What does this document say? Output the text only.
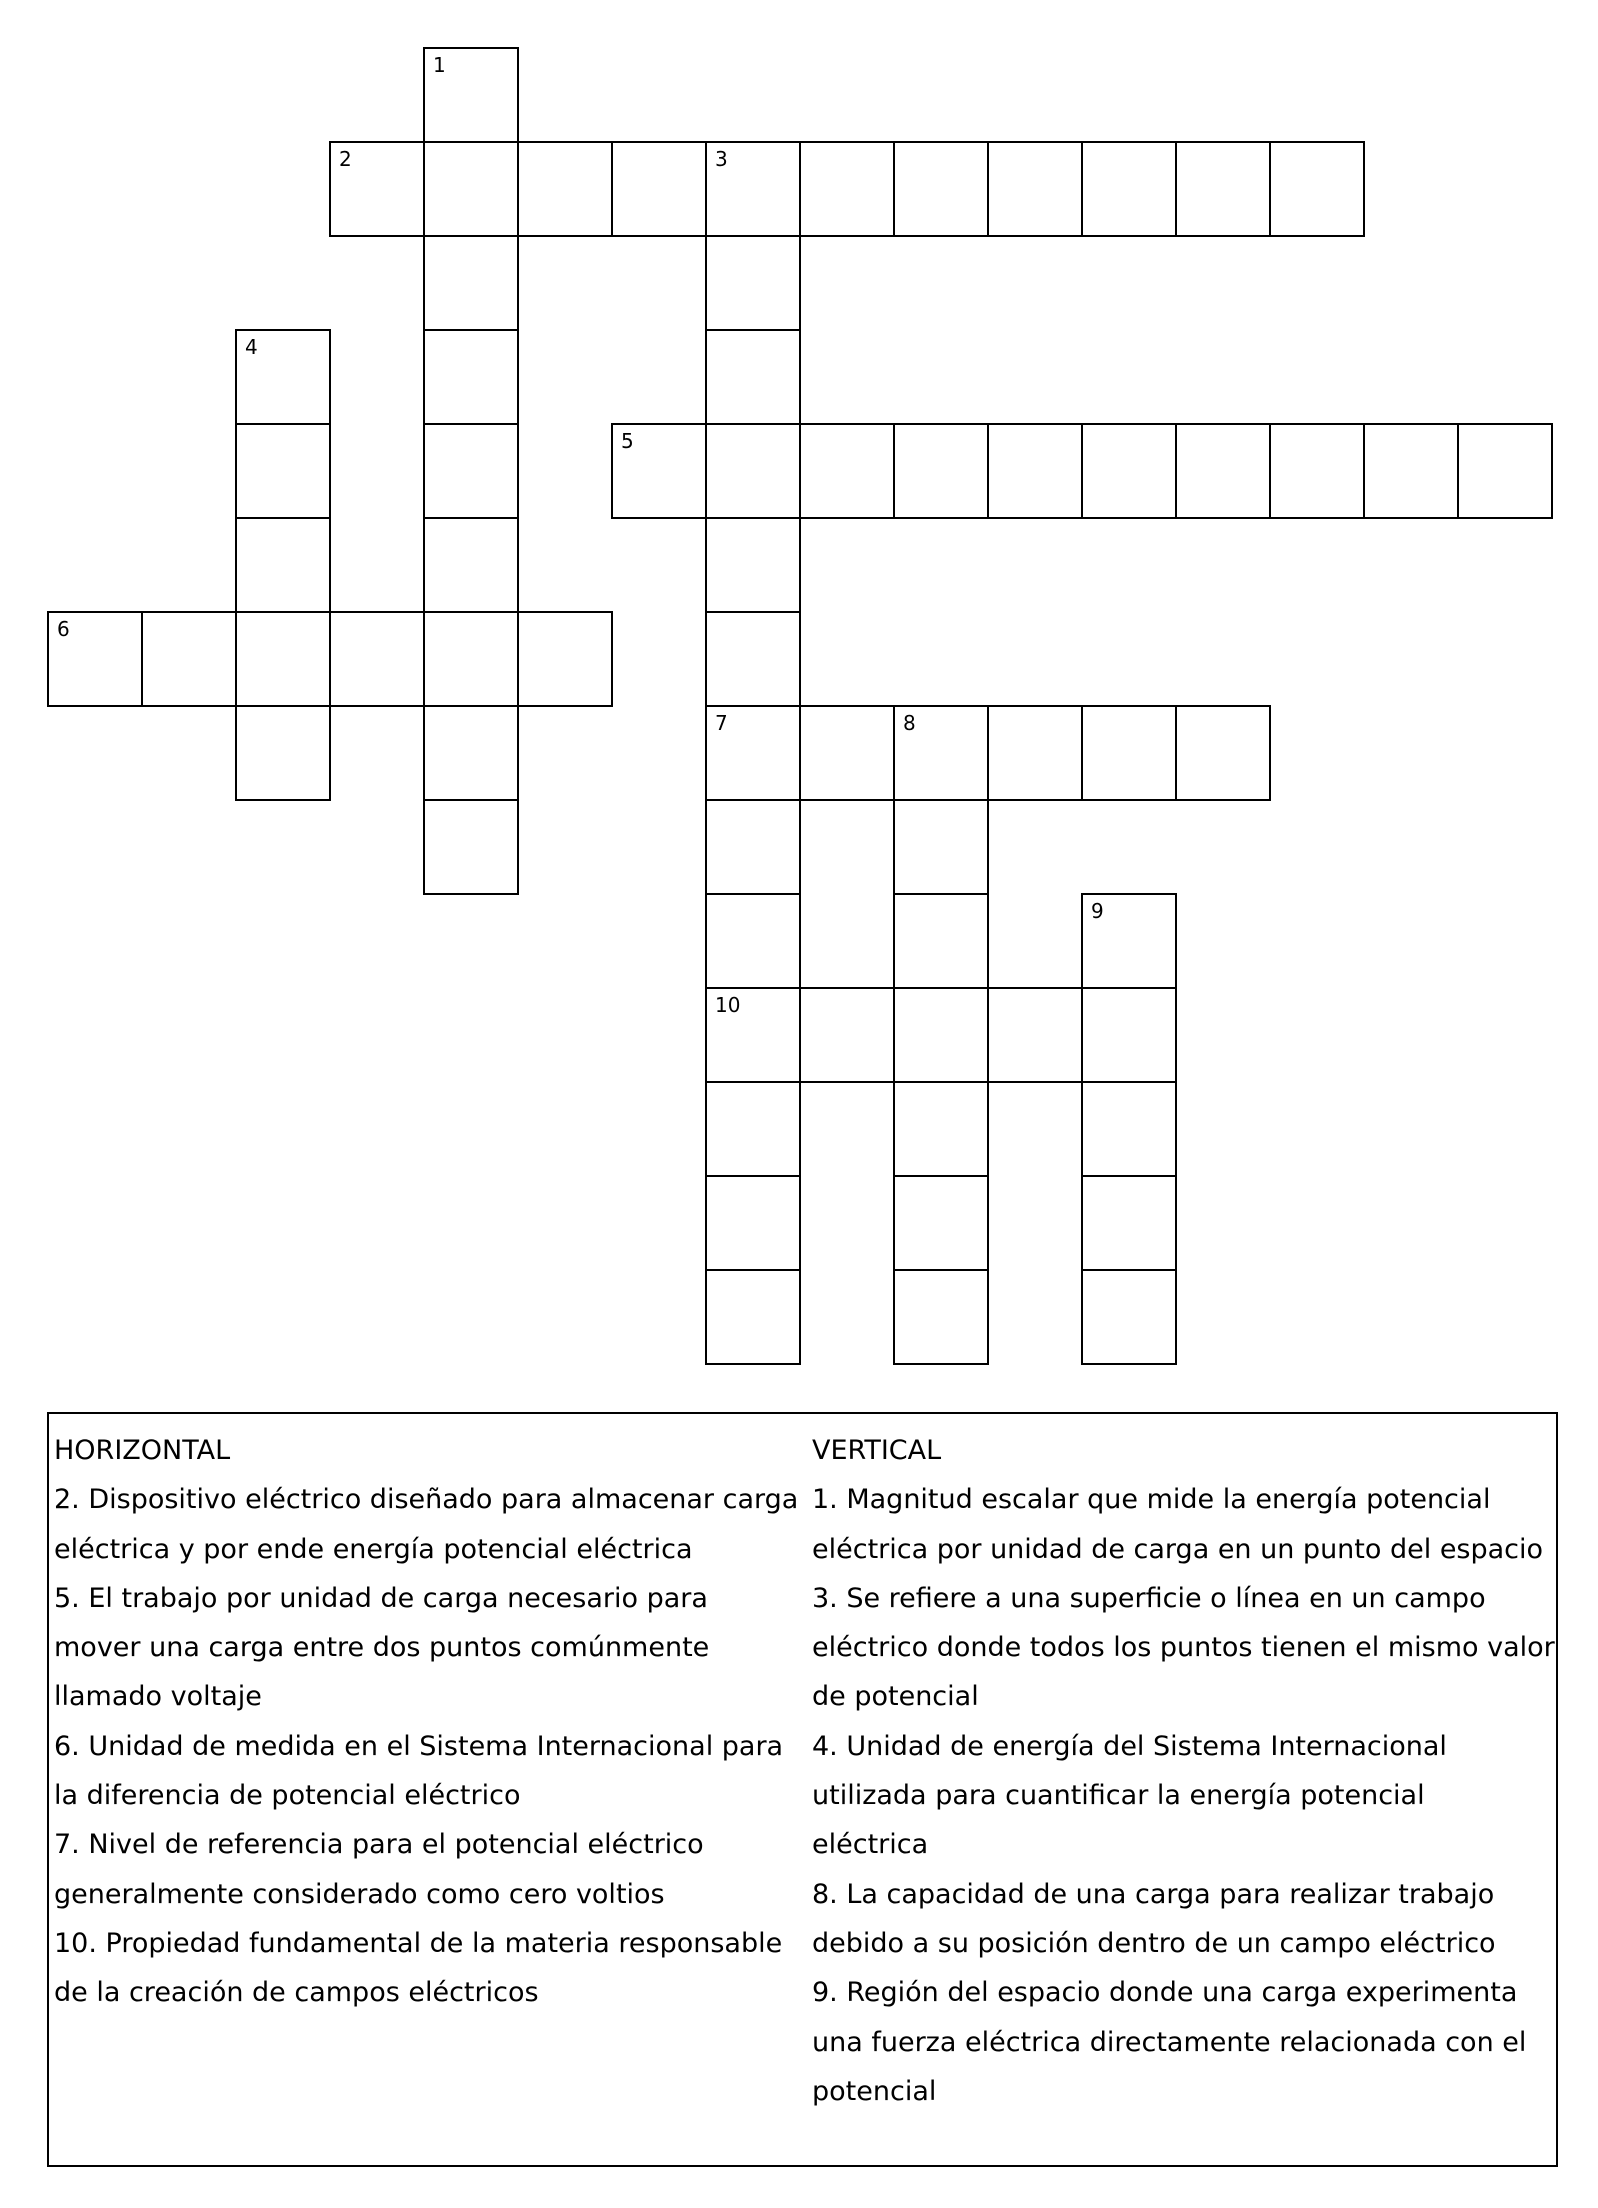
1
2	3
4
5
6
7	8
9
10

HORIZONTAL

2. Dispositivo eléctrico diseñado para almacenar carga

eléctrica y por ende energía potencial eléctrica

5. El trabajo por unidad de carga necesario para

mover una carga entre dos puntos comúnmente

llamado voltaje

6. Unidad de medida en el Sistema Internacional para

la diferencia de potencial eléctrico

7. Nivel de referencia para el potencial eléctrico

generalmente considerado como cero voltios

10. Propiedad fundamental de la materia responsable

de la creación de campos eléctricos

VERTICAL

1. Magnitud escalar que mide la energía potencial

eléctrica por unidad de carga en un punto del espacio

3. Se refiere a una superficie o línea en un campo

eléctrico donde todos los puntos tienen el mismo valor

de potencial

4. Unidad de energía del Sistema Internacional

utilizada para cuantificar la energía potencial

eléctrica

8. La capacidad de una carga para realizar trabajo

debido a su posición dentro de un campo eléctrico

9. Región del espacio donde una carga experimenta

una fuerza eléctrica directamente relacionada con el

potencial
